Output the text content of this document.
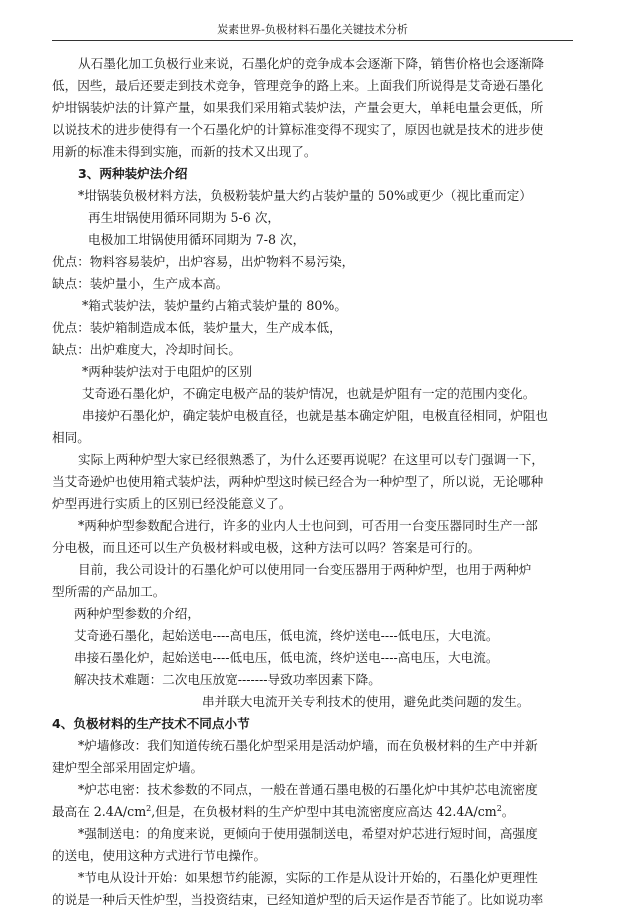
炭素世界-负极材料石墨化关键技术分析
从石墨化加工负极行业来说，石墨化炉的竞争成本会逐渐下降，销售价格也会逐渐降
低，因些，最后还要走到技术竞争，管理竞争的路上来。上面我们所说得是艾奇逊石墨化
炉坩锅装炉法的计算产量，如果我们采用箱式装炉法，产量会更大，单耗电量会更低，所
以说技术的进步使得有一个石墨化炉的计算标准变得不现实了，原因也就是技术的进步使
用新的标准未得到实施，而新的技术又出现了。
3、两种装炉法介绍
*坩锅装负极材料方法，负极粉装炉量大约占装炉量的 50%或更少（视比重而定）
再生坩锅使用循环同期为 5-6 次，
电极加工坩锅使用循环同期为 7-8 次，
优点：物料容易装炉，出炉容易，出炉物料不易污染，
缺点：装炉量小，生产成本高。
*箱式装炉法，装炉量约占箱式装炉量的 80%。
优点：装炉箱制造成本低，装炉量大，生产成本低，
缺点：出炉难度大，冷却时间长。
*两种装炉法对于电阻炉的区别
艾奇逊石墨化炉，不确定电极产品的装炉情况，也就是炉阻有一定的范围内变化。
串接炉石墨化炉，确定装炉电极直径，也就是基本确定炉阻，电极直径相同，炉阻也
相同。
实际上两种炉型大家已经很熟悉了，为什么还要再说呢？在这里可以专门强调一下，
当艾奇逊炉也使用箱式装炉法，两种炉型这时候已经合为一种炉型了，所以说，无论哪种
炉型再进行实质上的区别已经没能意义了。
*两种炉型参数配合进行，许多的业内人士也问到，可否用一台变压器同时生产一部
分电极，而且还可以生产负极材料或电极，这种方法可以吗？答案是可行的。
目前，我公司设计的石墨化炉可以使用同一台变压器用于两种炉型，也用于两种炉
型所需的产品加工。
两种炉型参数的介绍，
艾奇逊石墨化，起始送电----高电压，低电流，终炉送电----低电压，大电流。
串接石墨化炉，起始送电----低电压，低电流，终炉送电----高电压，大电流。
解决技术难题：二次电压放宽-------导致功率因素下降。
串并联大电流开关专利技术的使用，避免此类问题的发生。
4、负极材料的生产技术不同点小节
*炉墙修改：我们知道传统石墨化炉型采用是活动炉墙，而在负极材料的生产中并新
建炉型全部采用固定炉墙。
*炉芯电密：技术参数的不同点，一般在普通石墨电极的石墨化炉中其炉芯电流密度
最高在 $2.4A/cm^2$,但是，在负极材料的生产炉型中其电流密度应高达 $42.4A/cm^2$。
*强制送电：的角度来说，更倾向于使用强制送电，希望对炉芯进行短时间，高强度
的送电，使用这种方式进行节电操作。
*节电从设计开始：如果想节约能源，实际的工作是从设计开始的，石墨化炉更理性
的说是一种后天性炉型，当投资结束，已经知道炉型的后天运作是否节能了。比如说功率
